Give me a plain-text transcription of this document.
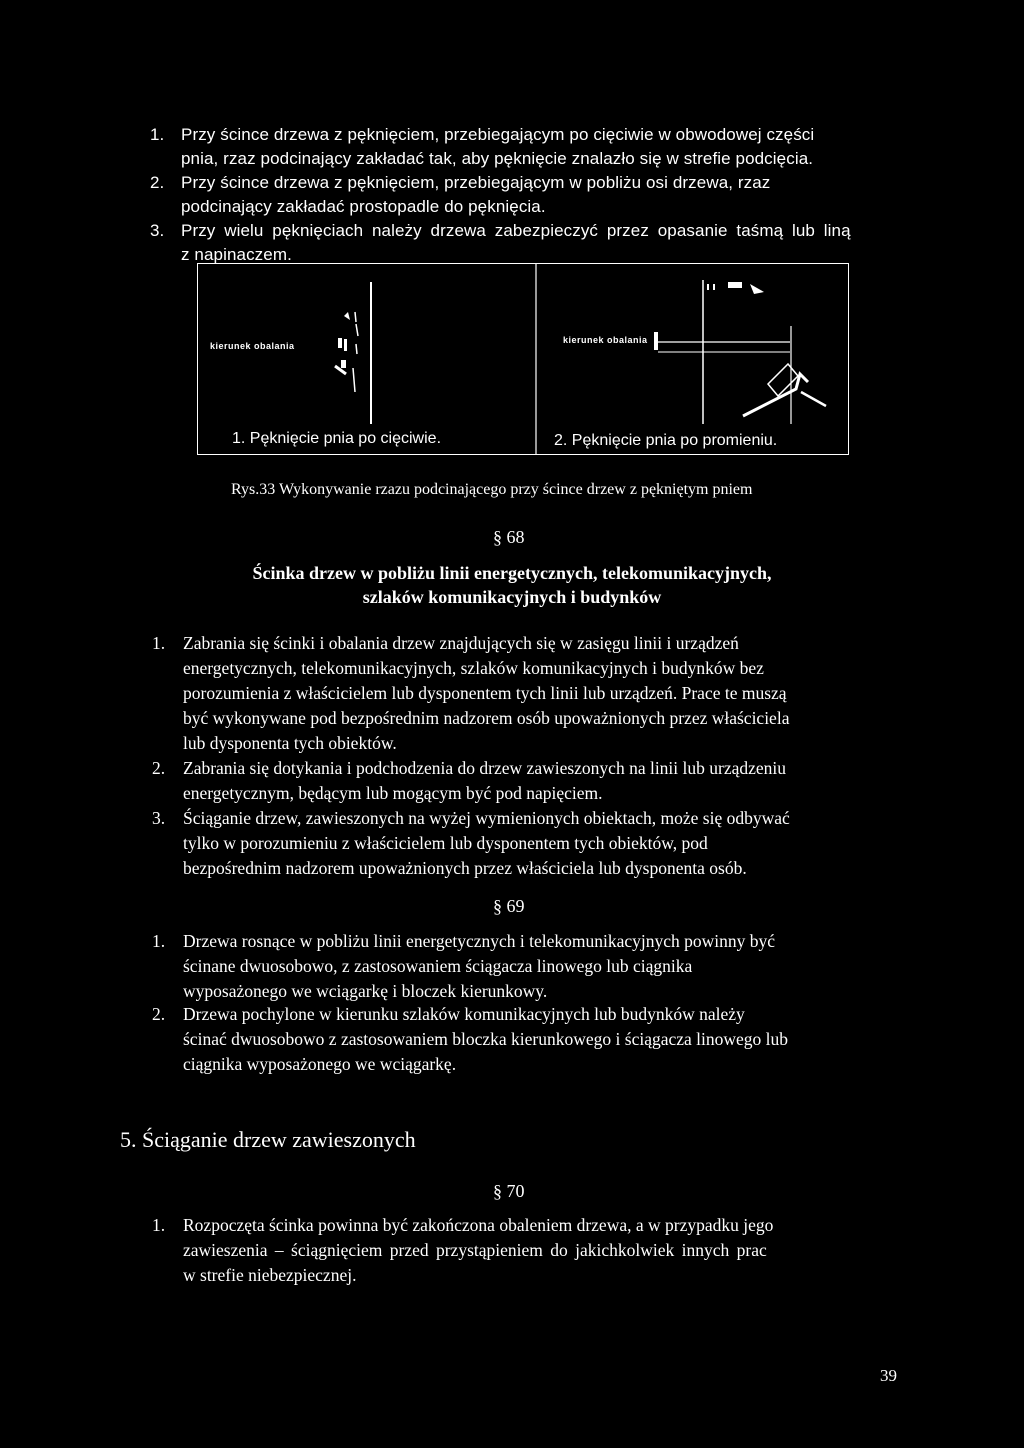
1. Przy ścince drzewa z pęknięciem, przebiegającym po cięciwie w obwodowej części
pnia, rzaz podcinający zakładać tak, aby pęknięcie znalazło się w strefie podcięcia.
2. Przy ścince drzewa z pęknięciem, przebiegającym w pobliżu osi drzewa, rzaz
podcinający zakładać prostopadle do pęknięcia.
3. Przy wielu pęknięciach należy drzewa zabezpieczyć przez opasanie taśmą lub liną
z napinaczem.
kierunek obalania
kierunek obalania
1. Pęknięcie pnia po cięciwie.	2. Pęknięcie pnia po promieniu.
Rys.33 Wykonywanie rzazu podcinającego przy ścince drzew z pękniętym pniem
§ 68
Ścinka drzew w pobliżu linii energetycznych, telekomunikacyjnych,
szlaków komunikacyjnych i budynków
1. Zabrania się ścinki i obalania drzew znajdujących się w zasięgu linii i urządzeń
energetycznych, telekomunikacyjnych, szlaków komunikacyjnych i budynków bez
porozumienia z właścicielem lub dysponentem tych linii lub urządzeń. Prace te muszą
być wykonywane pod bezpośrednim nadzorem osób upoważnionych przez właściciela
lub dysponenta tych obiektów.
2. Zabrania się dotykania i podchodzenia do drzew zawieszonych na linii lub urządzeniu
energetycznym, będącym lub mogącym być pod napięciem.
3. Ściąganie drzew, zawieszonych na wyżej wymienionych obiektach, może się odbywać
tylko w porozumieniu z właścicielem lub dysponentem tych obiektów, pod
bezpośrednim nadzorem upoważnionych przez właściciela lub dysponenta osób.
§ 69
1. Drzewa rosnące w pobliżu linii energetycznych i telekomunikacyjnych powinny być
ścinane dwuosobowo, z zastosowaniem ściągacza linowego lub ciągnika
wyposażonego we wciągarkę i bloczek kierunkowy.
2. Drzewa pochylone w kierunku szlaków komunikacyjnych lub budynków należy
ścinać dwuosobowo z zastosowaniem bloczka kierunkowego i ściągacza linowego lub
ciągnika wyposażonego we wciągarkę.
5. Ściąganie drzew zawieszonych
§ 70
1. Rozpoczęta ścinka powinna być zakończona obaleniem drzewa, a w przypadku jego
zawieszenia – ściągnięciem przed przystąpieniem do jakichkolwiek innych prac
w strefie niebezpiecznej.
39
